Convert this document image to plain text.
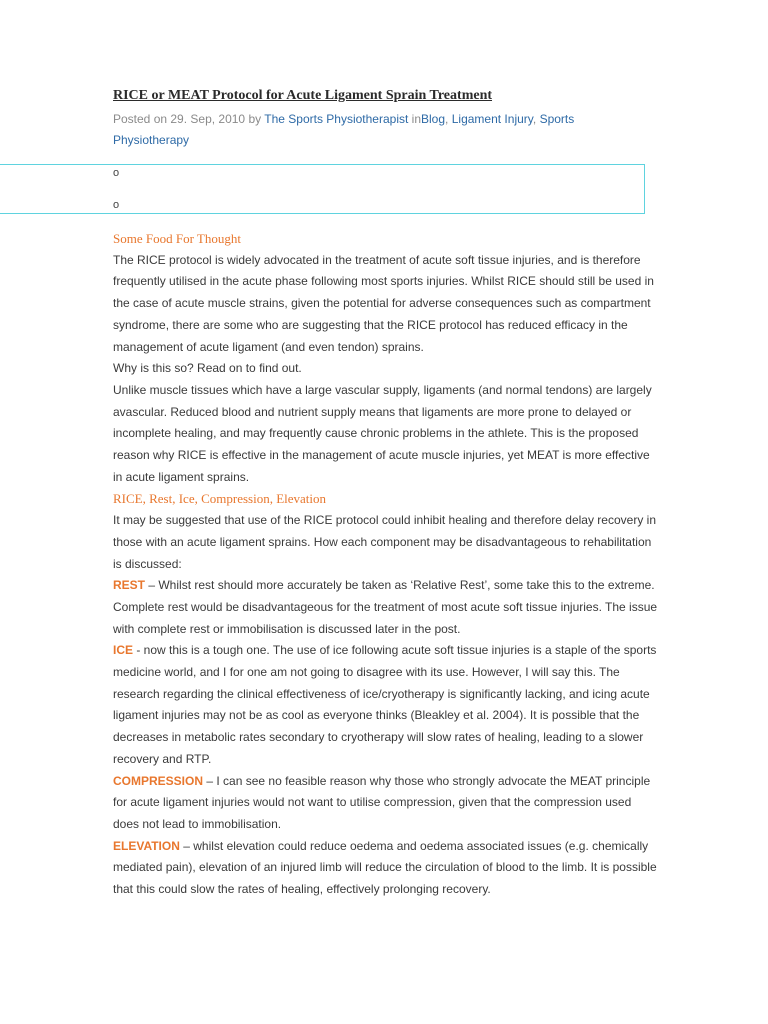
RICE or MEAT Protocol for Acute Ligament Sprain Treatment
Posted on 29. Sep, 2010 by The Sports Physiotherapist inBlog, Ligament Injury, Sports Physiotherapy
o
o

Some Food For Thought

The RICE protocol is widely advocated in the treatment of acute soft tissue injuries, and is therefore frequently utilised in the acute phase following most sports injuries. Whilst RICE should still be used in the case of acute muscle strains, given the potential for adverse consequences such as compartment syndrome, there are some who are suggesting that the RICE protocol has reduced efficacy in the management of acute ligament (and even tendon) sprains.

Why is this so? Read on to find out.

Unlike muscle tissues which have a large vascular supply, ligaments (and normal tendons) are largely avascular. Reduced blood and nutrient supply means that ligaments are more prone to delayed or incomplete healing, and may frequently cause chronic problems in the athlete. This is the proposed reason why RICE is effective in the management of acute muscle injuries, yet MEAT is more effective in acute ligament sprains.

RICE, Rest, Ice, Compression, Elevation

It may be suggested that use of the RICE protocol could inhibit healing and therefore delay recovery in those with an acute ligament sprains. How each component may be disadvantageous to rehabilitation is discussed:

REST – Whilst rest should more accurately be taken as ‘Relative Rest’, some take this to the extreme. Complete rest would be disadvantageous for the treatment of most acute soft tissue injuries. The issue with complete rest or immobilisation is discussed later in the post.

ICE - now this is a tough one. The use of ice following acute soft tissue injuries is a staple of the sports medicine world, and I for one am not going to disagree with its use. However, I will say this. The research regarding the clinical effectiveness of ice/cryotherapy is significantly lacking, and icing acute ligament injuries may not be as cool as everyone thinks (Bleakley et al. 2004). It is possible that the decreases in metabolic rates secondary to cryotherapy will slow rates of healing, leading to a slower recovery and RTP.

COMPRESSION – I can see no feasible reason why those who strongly advocate the MEAT principle for acute ligament injuries would not want to utilise compression, given that the compression used does not lead to immobilisation.

ELEVATION – whilst elevation could reduce oedema and oedema associated issues (e.g. chemically mediated pain), elevation of an injured limb will reduce the circulation of blood to the limb. It is possible that this could slow the rates of healing, effectively prolonging recovery.
